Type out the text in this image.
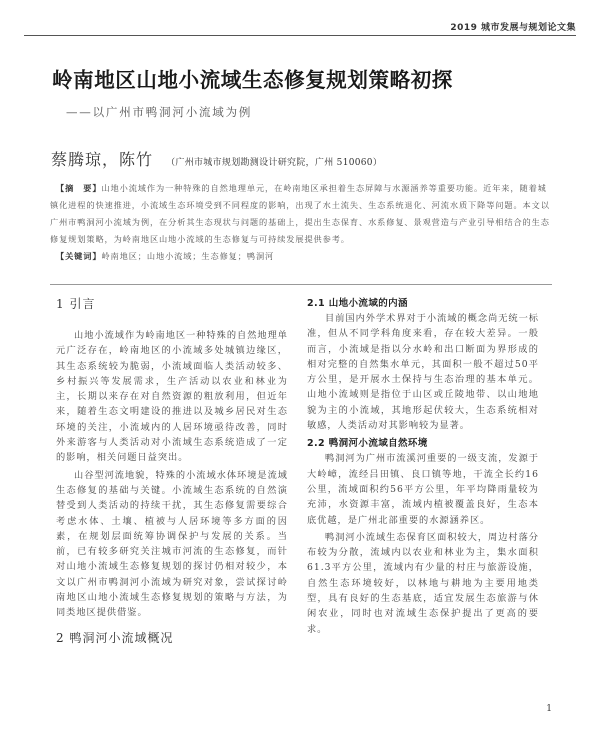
2019 城市发展与规划论文集
岭南地区山地小流域生态修复规划策略初探
——以广州市鸭洞河小流域为例
蔡腾琼，陈竹 （广州市城市规划勘测设计研究院，广州 510060）

【摘　要】山地小流域作为一种特殊的自然地理单元，在岭南地区承担着生态屏障与水源涵养等重要功能。近年来，随着城镇化进程的快速推进，小流域生态环境受到不同程度的影响，出现了水土流失、生态系统退化、河流水质下降等问题。本文以广州市鸭洞河小流域为例，在分析其生态现状与问题的基础上，提出生态保育、水系修复、景观营造与产业引导相结合的生态修复规划策略，为岭南地区山地小流域的生态修复与可持续发展提供参考。

【关键词】岭南地区；山地小流域；生态修复；鸭洞河

1 引言

山地小流域作为岭南地区一种特殊的自然地理单元广泛存在，岭南地区的小流域多处城镇边缘区，其生态系统较为脆弱，小流域面临人类活动较多、乡村振兴等发展需求，生产活动以农业和林业为主，长期以来存在对自然资源的粗放利用，但近年来，随着生态文明建设的推进以及城乡居民对生态环境的关注，小流域内的人居环境亟待改善，同时外来游客与人类活动对小流域生态系统造成了一定的影响，相关问题日益突出。

山谷型河流地貌，特殊的小流域水体环境是流域生态修复的基础与关键。小流域生态系统的自然演替受到人类活动的持续干扰，其生态修复需要综合考虑水体、土壤、植被与人居环境等多方面的因素，在规划层面统筹协调保护与发展的关系。当前，已有较多研究关注城市河流的生态修复，而针对山地小流域生态修复规划的探讨仍相对较少，本文以广州市鸭洞河小流域为研究对象，尝试探讨岭南地区山地小流域生态修复规划的策略与方法，为同类地区提供借鉴。

2 鸭洞河小流域概况
2.1 山地小流域的内涵

目前国内外学术界对于小流域的概念尚无统一标准，但从不同学科角度来看，存在较大差异。一般而言，小流域是指以分水岭和出口断面为界形成的相对完整的自然集水单元，其面积一般不超过50平方公里，是开展水土保持与生态治理的基本单元。山地小流域则是指位于山区或丘陵地带、以山地地貌为主的小流域，其地形起伏较大，生态系统相对敏感，人类活动对其影响较为显著。

2.2 鸭洞河小流域自然环境

鸭洞河为广州市流溪河重要的一级支流，发源于大岭嶂，流经吕田镇、良口镇等地，干流全长约16公里，流域面积约56平方公里，年平均降雨量较为充沛，水资源丰富，流域内植被覆盖良好，生态本底优越，是广州北部重要的水源涵养区。

鸭洞河小流域生态保育区面积较大，周边村落分布较为分散，流域内以农业和林业为主，集水面积61.3平方公里，流域内有少量的村庄与旅游设施，自然生态环境较好，以林地与耕地为主要用地类型，具有良好的生态基底，适宜发展生态旅游与休闲农业，同时也对流域生态保护提出了更高的要求。

1
